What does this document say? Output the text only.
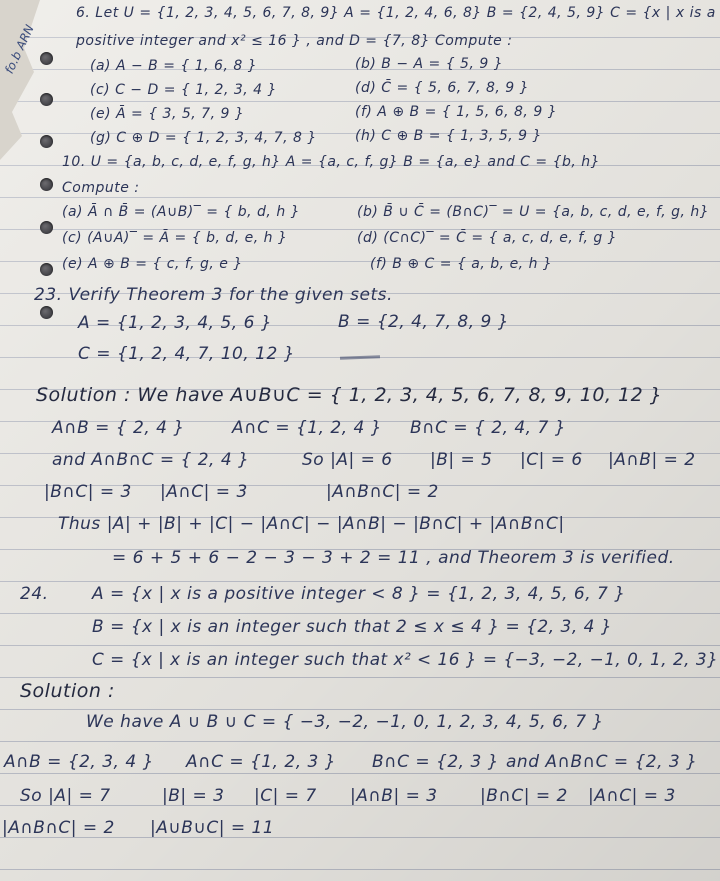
fo.b ARN
6. Let U = {1, 2, 3, 4, 5, 6, 7, 8, 9} A = {1, 2, 4, 6, 8} B = {2, 4, 5, 9} C = {x | x is a
positive integer and x² ≤ 16 } , and D = {7, 8} Compute :
(a) A − B = { 1, 6, 8 }	(b) B − A = { 5, 9 }
(c) C − D = { 1, 2, 3, 4 }	(d) C̄ = { 5, 6, 7, 8, 9 }
(e) Ā = { 3, 5, 7, 9 }	(f) A ⊕ B = { 1, 5, 6, 8, 9 }
(g) C ⊕ D = { 1, 2, 3, 4, 7, 8 }	(h) C ⊕ B = { 1, 3, 5, 9 }
10. U = {a, b, c, d, e, f, g, h} A = {a, c, f, g} B = {a, e} and C = {b, h}
Compute :
(a) Ā ∩ B̄ = (A∪B)‾ = { b, d, h }	(b) B̄ ∪ C̄ = (B∩C)‾ = U = {a, b, c, d, e, f, g, h}
(c) (A∪A)‾ = Ā = { b, d, e, h }	(d) (C∩C)‾ = C̄ = { a, c, d, e, f, g }
(e) A ⊕ B = { c, f, g, e }	(f) B ⊕ C = { a, b, e, h }
23. Verify Theorem 3 for the given sets.
A = {1, 2, 3, 4, 5, 6 }	B = {2, 4, 7, 8, 9 }
C = {1, 2, 4, 7, 10, 12 }
Solution : We have A∪B∪C = { 1, 2, 3, 4, 5, 6, 7, 8, 9, 10, 12 }
A∩B = { 2, 4 }	A∩C = {1, 2, 4 } B∩C = { 2, 4, 7 }
and A∩B∩C = { 2, 4 }	So |A| = 6 |B| = 5 |C| = 6 |A∩B| = 2
|B∩C| = 3 |A∩C| = 3	|A∩B∩C| = 2
Thus |A| + |B| + |C| − |A∩C| − |A∩B| − |B∩C| + |A∩B∩C|
= 6 + 5 + 6 − 2 − 3 − 3 + 2 = 11 , and Theorem 3 is verified.
24.	A = {x | x is a positive integer < 8 } = {1, 2, 3, 4, 5, 6, 7 }
B = {x | x is an integer such that 2 ≤ x ≤ 4 } = {2, 3, 4 }
C = {x | x is an integer such that x² < 16 } = {−3, −2, −1, 0, 1, 2, 3}
Solution :
We have A ∪ B ∪ C = { −3, −2, −1, 0, 1, 2, 3, 4, 5, 6, 7 }
A∩B = {2, 3, 4 } A∩C = {1, 2, 3 } B∩C = {2, 3 } and A∩B∩C = {2, 3 }
So |A| = 7	|B| = 3 |C| = 7 |A∩B| = 3 |B∩C| = 2 |A∩C| = 3
|A∩B∩C| = 2 |A∪B∪C| = 11
